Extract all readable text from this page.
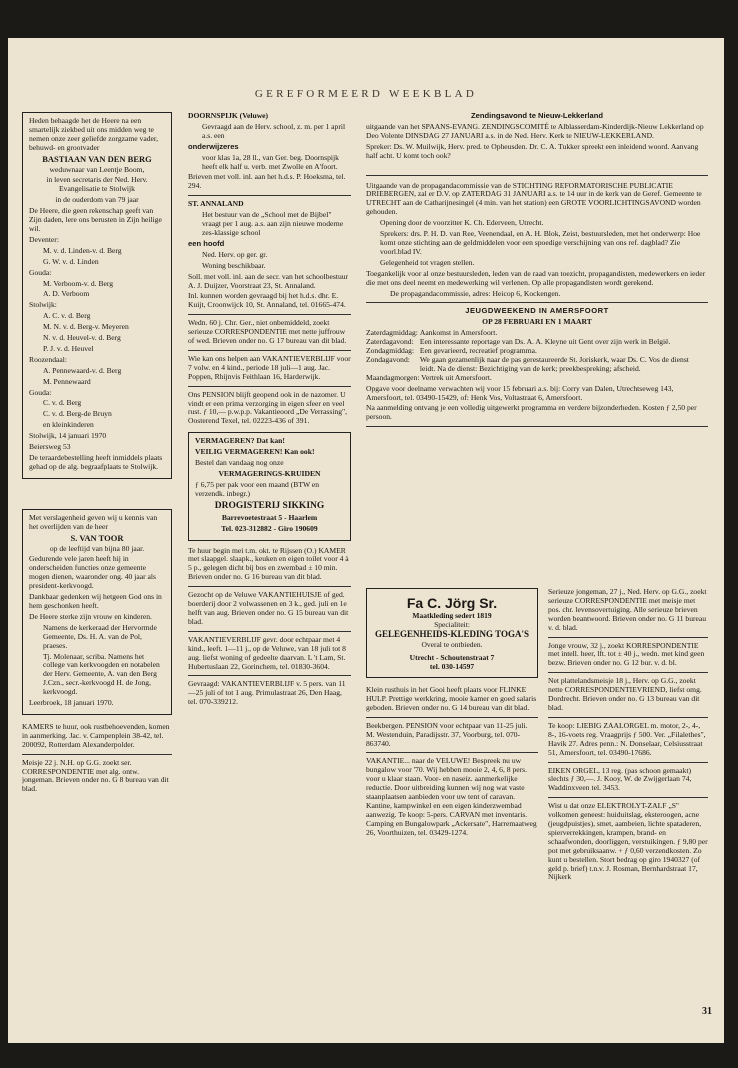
GEREFORMEERD WEEKBLAD

Heden behaagde het de Heere na een smartelijk ziekbed uit ons midden weg te nemen onze zeer geliefde zorgzame vader, behuwd- en grootvader

BASTIAAN VAN DEN BERG

weduwnaar van Leentje Boom,

in leven secretaris der Ned. Herv. Evangelisatie te Stolwijk

in de ouderdom van 79 jaar

De Heere, die geen rekenschap geeft van Zijn daden, lere ons berusten in Zijn heilige wil.

Deventer:

M. v. d. Linden-v. d. Berg

G. W. v. d. Linden

Gouda:

M. Verboom-v. d. Berg

A. D. Verboom

Stolwijk:

A. C. v. d. Berg

M. N. v. d. Berg-v. Meyeren

N. v. d. Heuvel-v. d. Berg

P. J. v. d. Heuvel

Roozendaal:

A. Pennewaard-v. d. Berg

M. Pennewaard

Gouda:

C. v. d. Berg

C. v. d. Berg-de Bruyn

en kleinkinderen

Stolwijk, 14 januari 1970

Beiersweg 53

De teraardebestelling heeft inmiddels plaats gehad op de alg. begraafplaats te Stolwijk.

Met verslagenheid geven wij u kennis van het overlijden van de heer

S. VAN TOOR

op de leeftijd van bijna 80 jaar.

Gedurende vele jaren heeft hij in onderscheiden functies onze gemeente mogen dienen, waaronder ong. 40 jaar als president-kerkvoogd.

Dankbaar gedenken wij hetgeen God ons in hem geschonken heeft.

De Heere sterke zijn vrouw en kinderen.

Namens de kerkeraad der Hervormde Gemeente, Ds. H. A. van de Pol, praeses.

Tj. Molenaar, scriba. Namens het college van kerkvoogden en notabelen der Herv. Gemeente, A. van den Berg J.Czn., secr.-kerkvoogd H. de Jong, kerkvoogd.

Leerbroek, 18 januari 1970.

KAMERS te huur, ook rustbehoevenden, komen in aanmerking. Jac. v. Campenplein 38-42, tel. 200092, Rotterdam Alexanderpolder.

Meisje 22 j. N.H. op G.G. zoekt ser. CORRESPONDENTIE met alg. ontw. jongeman. Brieven onder no. G 8 bureau van dit blad.

DOORNSPIJK (Veluwe)

Gevraagd aan de Herv. school, z. m. per 1 april a.s. een

onderwijzeres

voor klas 1a, 28 ll., van Ger. beg. Doornspijk heeft elk half u. verb. met Zwolle en A'foort.

Brieven met voll. inl. aan het h.d.s. P. Hoeksma, tel. 294.

ST. ANNALAND

Het bestuur van de „School met de Bijbel" vraagt per 1 aug. a.s. aan zijn nieuwe moderne zes-klassige school

een hoofd

Ned. Herv. op ger. gr.

Woning beschikbaar.

Soll. met voll. inl. aan de secr. van het schoolbestuur A. J. Duijzer, Voorstraat 23, St. Annaland.

Inl. kunnen worden gevraagd bij het h.d.s. dhr. E. Kuijt, Croonwijck 10, St. Annaland, tel. 01665-474.

Wedn. 60 j. Chr. Ger., niet onbemiddeld, zoekt serieuze CORRESPONDENTIE met nette juffrouw of wed. Brieven onder no. G 17 bureau van dit blad.

Wie kan ons helpen aan VAKANTIEVERBLIJF voor 7 volw. en 4 kind., periode 18 juli—1 aug. Jac. Poppen, Rhijnvis Feithlaan 16, Harderwijk.

Ons PENSION blijft geopend ook in de nazomer. U vindt er een prima verzorging in eigen sfeer en veel rust. ƒ 10,— p.w.p.p. Vakantieoord „De Verrassing", Oosterend Texel, tel. 02223-436 of 391.

VERMAGEREN? Dat kan!

VEILIG VERMAGEREN! Kan ook!

Bestel dan vandaag nog onze

VERMAGERINGS-KRUIDEN

ƒ 6,75 per pak voor een maand (BTW en verzendk. inbegr.)

DROGISTERIJ SIKKING

Barrevoetestraat 5 - Haarlem

Tel. 023-312882 - Giro 190609

Te huur begin mei t.m. okt. te Rijssen (O.) KAMER met slaapgel. slaapk., keuken en eigen toilet voor 4 à 5 p., gelegen dicht bij bos en zwembad ± 10 min. Brieven onder no. G 16 bureau van dit blad.

Gezocht op de Veluwe VAKANTIEHUISJE of ged. boerderij door 2 volwassenen en 3 k., ged. juli en 1e helft van aug. Brieven onder no. G 15 bureau van dit blad.

VAKANTIEVERBLIJF gevr. door echtpaar met 4 kind., leeft. 1—11 j., op de Veluwe, van 18 juli tot 8 aug. liefst woning of gedeelte daarvan. L 't Lam, St. Hubertuslaan 22, Gorinchem, tel. 01830-3604.

Gevraagd: VAKANTIEVERBLIJF v. 5 pers. van 11—25 juli of tot 1 aug. Primulastraat 26, Den Haag, tel. 070-339212.

Zendingsavond te Nieuw-Lekkerland

uitgaande van het SPAANS-EVANG. ZENDINGSCOMITÉ te Alblasserdam-Kinderdijk-Nieuw Lekkerland op Deo Volente DINSDAG 27 JANUARI a.s. in de Ned. Herv. Kerk te NIEUW-LEKKERLAND.

Spreker: Ds. W. Muilwijk, Herv. pred. te Opheusden. Dr. C. A. Tukker spreekt een inleidend woord. Aanvang half acht. U komt toch ook?

Uitgaande van de propagandacommissie van de STICHTING REFORMATORISCHE PUBLICATIE DRIEBERGEN, zal er D.V. op ZATERDAG 31 JANUARI a.s. te 14 uur in de kerk van de Geref. Gemeente te UTRECHT aan de Catharijnesingel (4 min. van het station) een GROTE VOORLICHTINGSAVOND worden gehouden.

Opening door de voorzitter K. Ch. Ederveen, Utrecht.

Sprekers: drs. P. H. D. van Ree, Veenendaal, en A. H. Blok, Zeist, bestuursleden, met het onderwerp: Hoe komt onze stichting aan de geldmiddelen voor een spoedige verschijning van ons ref. dagblad? Zie voorl.blad IV.

Gelegenheid tot vragen stellen.

Toegankelijk voor al onze bestuursleden, leden van de raad van toezicht, propagandisten, medewerkers en ieder die met ons deel neemt en medewerking wil verlenen. Op alle propagandisten wordt gerekend.

De propagandacommissie, adres: Heicop 6, Kockengen.

JEUGDWEEKEND IN AMERSFOORT

OP 28 FEBRUARI EN 1 MAART

Zaterdagmiddag:	Aankomst in Amersfoort.
Zaterdagavond:	Een interessante reportage van Ds. A. A. Kleyne uit Gent over zijn werk in België.
Zondagmiddag:	Een gevarieerd, recreatief programma.
Zondagavond:	We gaan gezamenlijk naar de pas gerestaureerde St. Joriskerk, waar Ds. C. Vos de dienst leidt. Na de dienst: Bezichtiging van de kerk; preekbespreking; afscheid.

Maandagmorgen: Vertrek uit Amersfoort.

Opgave voor deelname verwachten wij voor 15 februari a.s. bij: Corry van Dalen, Utrechtseweg 143, Amersfoort, tel. 03490-15429, of: Henk Vos, Voltastraat 6, Amersfoort.

Na aanmelding ontvang je een volledig uitgewerkt programma en verdere bijzonderheden. Kosten ƒ 2,50 per persoon.

Fa C. Jörg Sr.
Maatkleding sedert 1819
Specialiteit:
GELEGENHEIDS-KLEDING TOGA'S
Overal te ontbieden.
Utrecht - Schoutenstraat 7
tel. 030-14597

Klein rusthuis in het Gooi heeft plaats voor FLINKE HULP. Prettige werkkring, mooie kamer en goed salaris geboden. Brieven onder no. G 14 bureau van dit blad.

Beekbergen. PENSION voor echtpaar van 11-25 juli. M. Westenduin, Paradijsstr. 37, Voorburg, tel. 070-863740.

VAKANTIE... naar de VELUWE! Bespreek nu uw bungalow voor '70. Wij hebben mooie 2, 4, 6, 8 pers. voor u klaar staan. Voor- en naseiz. aanmerkelijke reductie. Door uitbreiding kunnen wij nog wat vaste staanplaatsen aanbieden voor uw tent of caravan. Kantine, kampwinkel en een eigen kinderzwembad aanwezig. Te koop: 5-pers. CARVAN met inventaris. Camping en Bungalowpark „Ackersate", Harremaatweg 26, Voorthuizen, tel. 03429-1274.

Serieuze jongeman, 27 j., Ned. Herv. op G.G., zoekt serieuze CORRESPONDENTIE met meisje met pos. chr. levensovertuiging. Alle serieuze brieven worden beantwoord. Brieven onder no. G 11 bureau v. d. blad.

Jonge vrouw, 32 j., zoekt KORRESPONDENTIE met intell. heer, lft. tot ± 40 j., wedn. met kind geen bezw. Brieven onder no. G 12 bur. v. d. bl.

Net plattelandsmeisje 18 j., Herv. op G.G., zoekt nette CORRESPONDENTIEVRIEND, liefst omg. Dordrecht. Brieven onder no. G 13 bureau van dit blad.

Te koop: LIEBIG ZAALORGEL m. motor, 2-, 4-, 8-, 16-voets reg. Vraagprijs ƒ 500. Ver. „Filalethes", Havik 27. Adres penn.: N. Donselaar, Celsiusstraat 51, Amersfoort, tel. 03490-17686.

EIKEN ORGEL, 13 reg. (pas schoon gemaakt) slechts ƒ 30,—. J. Kooy, W. de Zwijgerlaan 74, Waddinxveen tel. 3453.

Wist u dat onze ELEKTROLYT-ZALF „S" volkomen geneest: huiduitslag, eksteroogen, acne (jeugdpuistjes), smet, aambeien, lichte spataderen, spierverrekkingen, krampen, brand- en schaafwonden, doorliggen, verstuikingen. ƒ 9,80 per pot met gebruiksaanw. + ƒ 0,60 verzendkosten. Zo kunt u bestellen. Stort bedrag op giro 1940327 (of geld p. brief) t.n.v. J. Rosman, Bernhardstraat 17, Nijkerk

31
